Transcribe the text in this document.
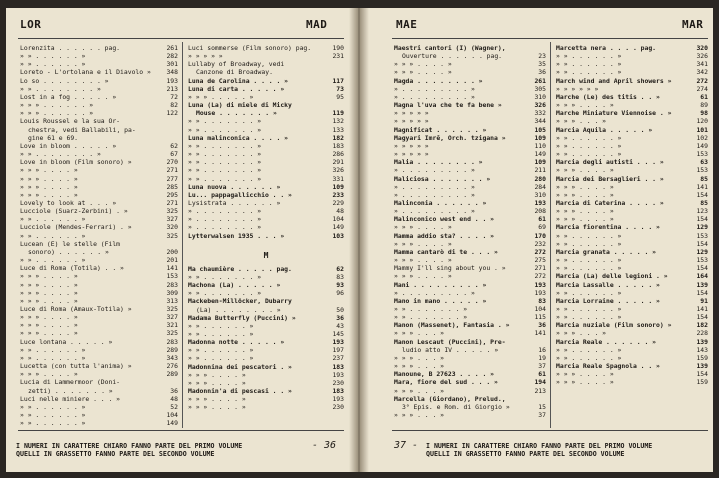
LOR	MAD
Lorenzita . . . . . . pag.	261
» » . . . . . . »	282
» » . . . . . . »	301
Loreto - L'ortolana e il Diavolo »	348
Lo so . . . . . . . . »	193
» » . . . . . . . . »	213
Lost in a fog . . . . . »	72
» » » . . . . . . »	82
» » » . . . . . . »	122
Louis Roussel e la sua Or-
chestra, vedi Ballabili, pa-
gine 61 e 69.
Love in bloom . . . . . »	62
» » . . . . . . . . »	67
Love in bloom (Film sonoro) »	270
» » » . . . . »	271
» » » . . . . »	277
» » » . . . . »	285
» » » . . . . »	295
Lovely to look at . . . »	271
Lucciole (Suarz-Zerbini) . »	325
» » . . . . . . »	327
Lucciole (Mendes-Ferrari) . »	320
» » . . . . . . »	325
Lucean (E) le stelle (Film
sonoro) . . . . . . »	200
» » . . . . . . »	201
Luce di Roma (Totila) . . »	141
» » » . . . . »	153
» » » . . . . »	283
» » » . . . . »	309
» » » . . . . »	313
Luce di Roma (Amaux-Totila) »	325
» » » . . . . »	327
» » » . . . . »	321
» » » . . . . »	325
Luce lontana . . . . . »	283
» » . . . . . . »	289
» » . . . . . . »	343
Lucetta (con tutta l'anima) »	276
» » » . . . . »	289
Lucia di Lammermoor (Doni-
zetti) . . . . . . . »	36
Luci nelle miniere . . . »	48
» » . . . . . . »	52
» » . . . . . . »	104
» » . . . . . . »	149
Luci sommerse (Film sonoro) pag.	190
» » » » »	231
Lullaby of Broadway, vedi
Canzone di Broadway.
Luna de Carolina . . . . »	117
Luna di carta . . . . . »	73
» » » . . . . . »	95
Luna (La) di miele di Micky
Mouse . . . . . . . »	119
» » . . . . . . . »	132
» » . . . . . . . »	133
Luna malinconica . . . . »	182
» » . . . . . . . »	183
» » . . . . . . . »	286
» » . . . . . . . »	291
» » . . . . . . . »	326
» » . . . . . . . »	331
Luna nuova . . . . . . »	109
Lu... pappagallicchio . . »	233
Lysistrata . . . . . . »	229
» . . . . . . . . »	48
» . . . . . . . . »	104
» . . . . . . . . »	149
Lytterwalsen 1935 . . . »	103
M
Ma chaumière . . . . . pag.	62
» » . . . . . . . »	83
Machona (La) . . . . . »	93
» » . . . . . . . »	96
Mackeben-Millöcker, Dubarry
(La) . . . . . . . . »	50
Madama Butterfly (Puccini) »	36
» » . . . . . . »	43
» » . . . . . . »	145
Madonna notte . . . . . »	193
» » . . . . . . »	197
» » . . . . . . »	237
Madonnina dei pescatori . »	183
» » » . . . . »	193
» » » . . . . »	230
Madonnin'a di pescasi . . »	183
» » » . . . . »	193
» » » . . . . »	230
I NUMERI IN CARATTERE CHIARO FANNO PARTE DEL PRIMO VOLUME
QUELLI IN GRASSETTO FANNO PARTE DEL SECONDO VOLUME
- 36
MAE	MAR
Maestri cantori (I) (Wagner),
Ouverture . . . . . . pag.	23
» » » . . . . »	35
» » » . . . . »	36
Magda . . . . . . . . »	261
» . . . . . . . . . »	305
» . . . . . . . . . »	310
Magna l'uva che te fa bene »	326
» » » » »	332
» » » » »	344
Magnificat . . . . . . »	105
Magyari Imrê, Orch. tzigana »	109
» » » » »	110
» » » » »	149
Malia . . . . . . . . »	109
» . . . . . . . . . »	211
Maliciosa . . . . . . . »	280
» . . . . . . . . . »	284
» . . . . . . . . . »	310
Malinconia . . . . . . »	193
» . . . . . . . . . »	208
Malinconico west end . . »	61
» » » . . . . »	69
Mamma addio sta? . . . . »	170
» » » . . . . »	232
Mamma cantarò di te . . . »	272
» » » . . . . »	275
Mammy I'll sing about you . »	271
» » » . . . . »	272
Mani . . . . . . . . . »	193
» . . . . . . . . . »	193
Mano in mano . . . . . »	83
» » . . . . . . . »	104
» » . . . . . . . »	115
Manon (Massenet), Fantasia . »	36
» » » . . . »	141
Manon Lescaut (Puccini), Pre-
ludio atto IV . . . . . »	16
» » » . . . »	19
» » » . . . »	37
Manoune, B 27623 . . . . »	61
Mara, fiore del sud . . . »	194
» » » . . . »	213
Marcella (Giordano), Prelud.,
3° Epis. e Rom. di Giorgio »	15
» » » . . . »	37
Marcetta nera . . . . pag.	320
» » . . . . . . »	326
» » . . . . . . »	341
» » . . . . . . »	342
March wind and April showers »	272
» » » » » »	274
Marche (Le) des titis . . »	61
» » » . . . . »	89
Marche Miniature Viennoise . »	98
» » » . . . »	120
Marcia Aquila . . . . . »	101
» » . . . . . . »	102
» » . . . . . . »	149
» » . . . . . . »	153
Marcia degli autisti . . . »	63
» » » . . . . »	153
Marcia dei Bersaglieri . . »	85
» » » . . . . »	141
» » » . . . . »	154
Marcia di Caterina . . . . »	85
» » » . . . . »	123
» » » . . . . »	154
Marcia fiorentina . . . . »	129
» » . . . . . . »	153
» » . . . . . . »	154
Marcia granata . . . . . »	129
» » . . . . . . »	153
» » . . . . . . »	154
Marcia (La) delle legioni . »	164
Marcia Lassalle . . . . . »	139
» » . . . . . . »	154
Marcia Lorraine . . . . . »	91
» » . . . . . . »	141
» » . . . . . . »	154
Marcia nuziale (Film sonoro) »	182
» » » . . . »	228
Marcia Reale . . . . . . »	139
» » . . . . . . »	143
» » . . . . . . »	159
Marcia Reale Spagnola . . »	139
» » » . . . . »	154
» » » . . . . »	159
37 - I NUMERI IN CARATTERE CHIARO FANNO PARTE DEL PRIMO VOLUME
QUELLI IN GRASSETTO FANNO PARTE DEL SECONDO VOLUME
